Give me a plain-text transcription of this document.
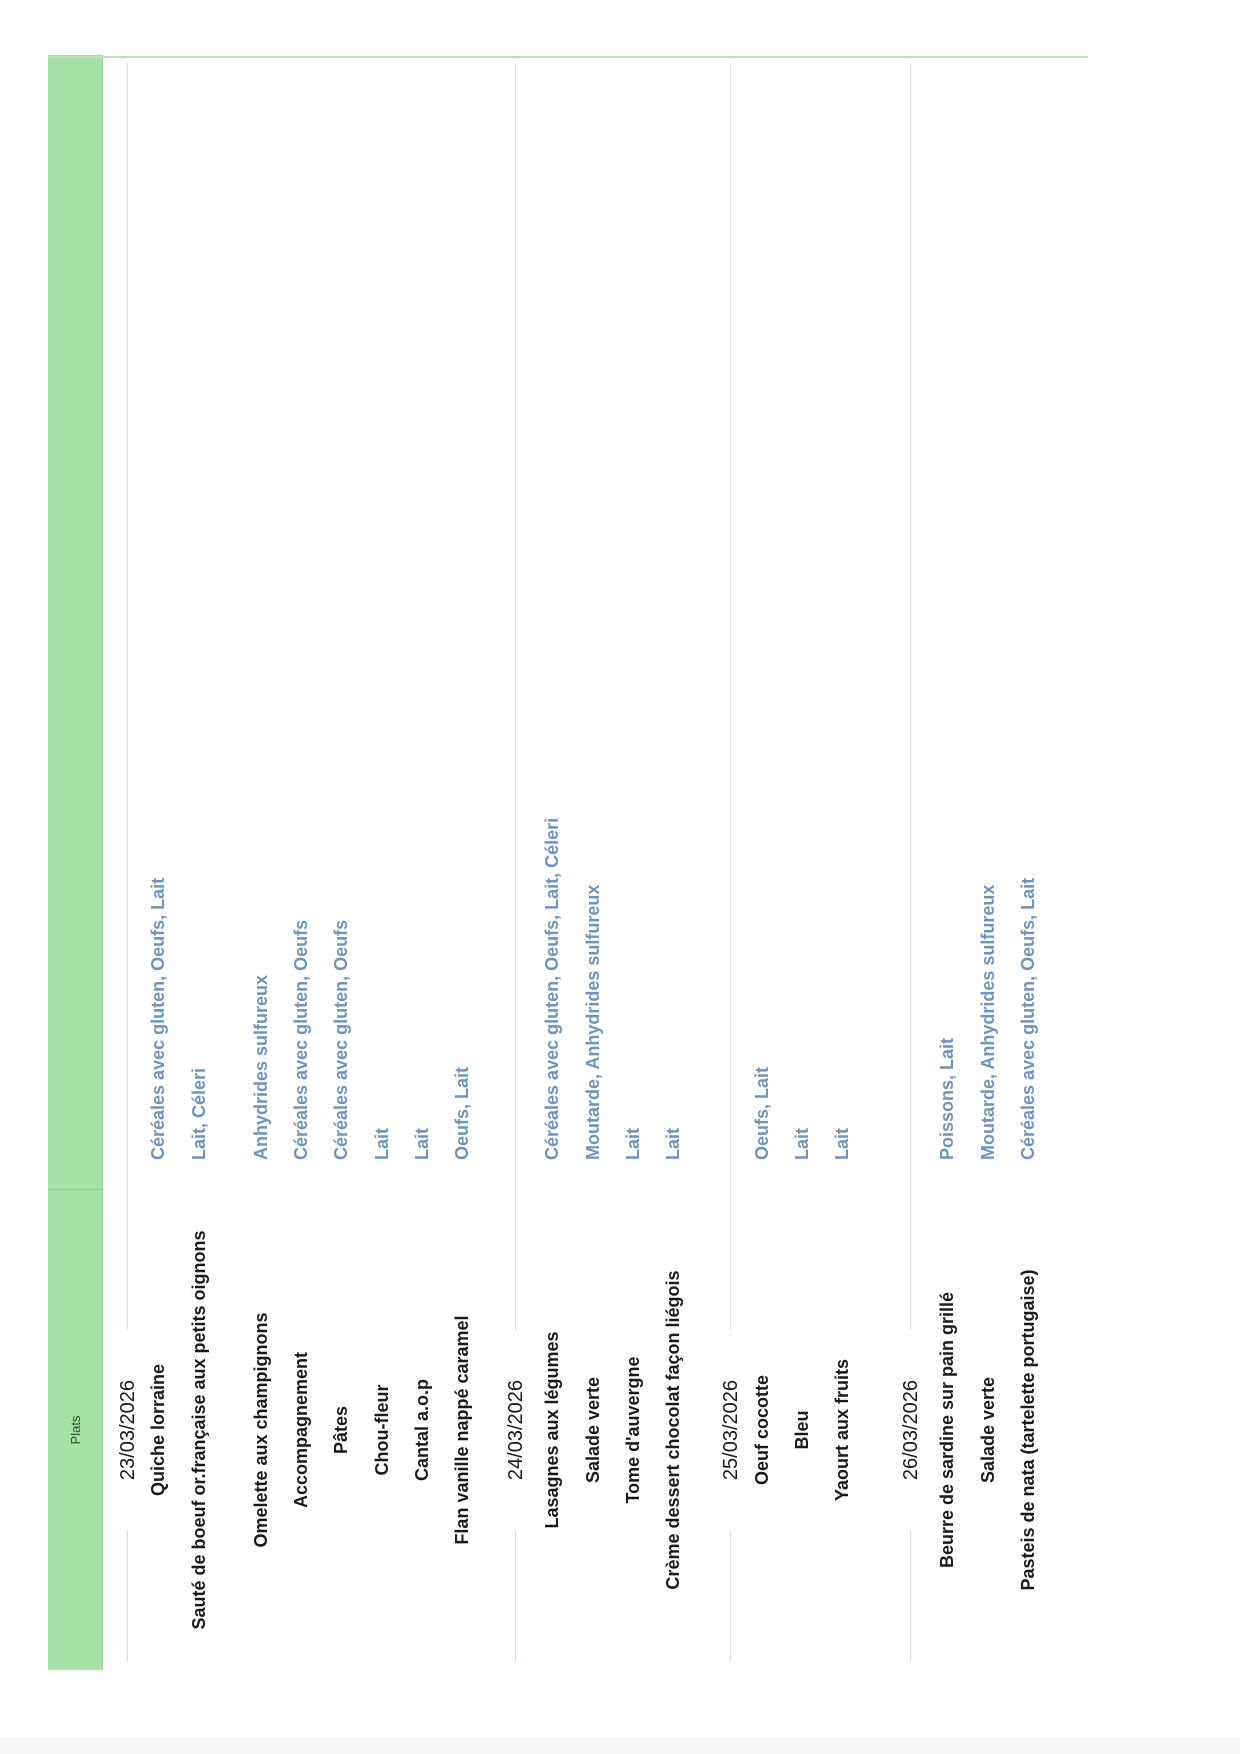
Plats	23/03/2026 Quiche lorraine
Céréales avec gluten, Oeufs, Lait
Sauté de boeuf or.française aux petits oignons
Lait, Céleri
Omelette aux champignons
Anhydrides sulfureux
Accompagnement
Céréales avec gluten, Oeufs
Pâtes
Céréales avec gluten, Oeufs
Chou-fleur
Lait
Cantal a.o.p
Lait
Flan vanille nappé caramel
Oeufs, Lait
24/03/2026 Lasagnes aux légumes
Céréales avec gluten, Oeufs, Lait, Céleri
Salade verte
Moutarde, Anhydrides sulfureux
Tome d'auvergne
Lait
Crème dessert chocolat façon liégois
Lait
25/03/2026 Oeuf cocotte
Oeufs, Lait
Bleu
Lait
Yaourt aux fruits
Lait
26/03/2026 Beurre de sardine sur pain grillé
Poissons, Lait
Salade verte
Moutarde, Anhydrides sulfureux
Pasteis de nata (tartelette portugaise)
Céréales avec gluten, Oeufs, Lait
